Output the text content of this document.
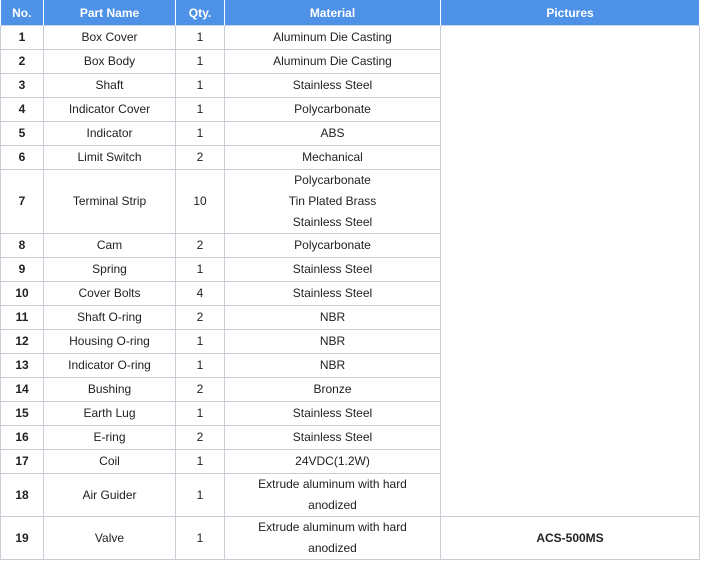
No.	Part Name	Qty.	Material	Pictures
1	Box Cover	1	Aluminum Die Casting	

2	Box Body	1	Aluminum Die Casting	

3	Shaft	1	Stainless Steel	

4	Indicator Cover	1	Polycarbonate	

5	Indicator	1	ABS	

6	Limit Switch	2	Mechanical	

7	Terminal Strip	10	Polycarbonate
Tin Plated Brass
Stainless Steel	

8	Cam	2	Polycarbonate	

9	Spring	1	Stainless Steel	

10	Cover Bolts	4	Stainless Steel	

11	Shaft O-ring	2	NBR	

12	Housing O-ring	1	NBR	

13	Indicator O-ring	1	NBR	

14	Bushing	2	Bronze	

15	Earth Lug	1	Stainless Steel	

16	E-ring	2	Stainless Steel	

17	Coil	1	24VDC(1.2W)	

18	Air Guider	1	Extrude aluminum with hard
anodized	

19	Valve	1	Extrude aluminum with hard
anodized	ACS-500MS
